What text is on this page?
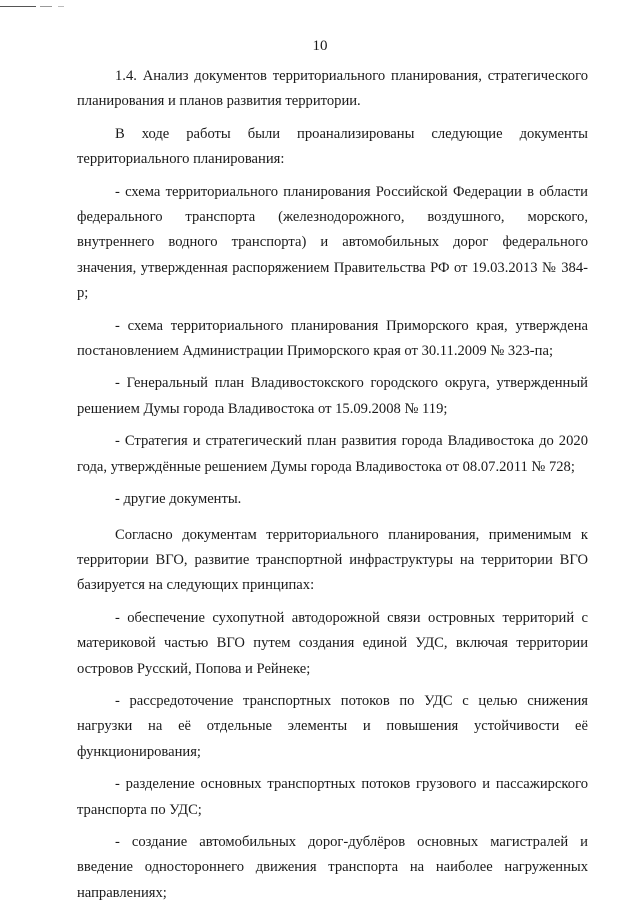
10

1.4. Анализ документов территориального планирования, стратегического планирования и планов развития территории.

В ходе работы были проанализированы следующие документы территориального планирования:

- схема территориального планирования Российской Федерации в области федерального транспорта (железнодорожного, воздушного, морского, внутреннего водного транспорта) и автомобильных дорог федерального значения, утвержденная распоряжением Правительства РФ от 19.03.2013 № 384-р;

- схема территориального планирования Приморского края, утверждена постановлением Администрации Приморского края от 30.11.2009 № 323-па;

- Генеральный план Владивостокского городского округа, утвержденный решением Думы города Владивостока от 15.09.2008 № 119;

- Стратегия и стратегический план развития города Владивостока до 2020 года, утверждённые решением Думы города Владивостока от 08.07.2011 № 728;

- другие документы.

Согласно документам территориального планирования, применимым к территории ВГО, развитие транспортной инфраструктуры на территории ВГО базируется на следующих принципах:

- обеспечение сухопутной автодорожной связи островных территорий с материковой частью ВГО путем создания единой УДС, включая территории островов Русский, Попова и Рейнеке;

- рассредоточение транспортных потоков по УДС с целью снижения нагрузки на её отдельные элементы и повышения устойчивости её функционирования;

- разделение основных транспортных потоков грузового и пассажирского транспорта по УДС;

- создание автомобильных дорог-дублёров основных магистралей и введение одностороннего движения транспорта на наиболее нагруженных направлениях;
